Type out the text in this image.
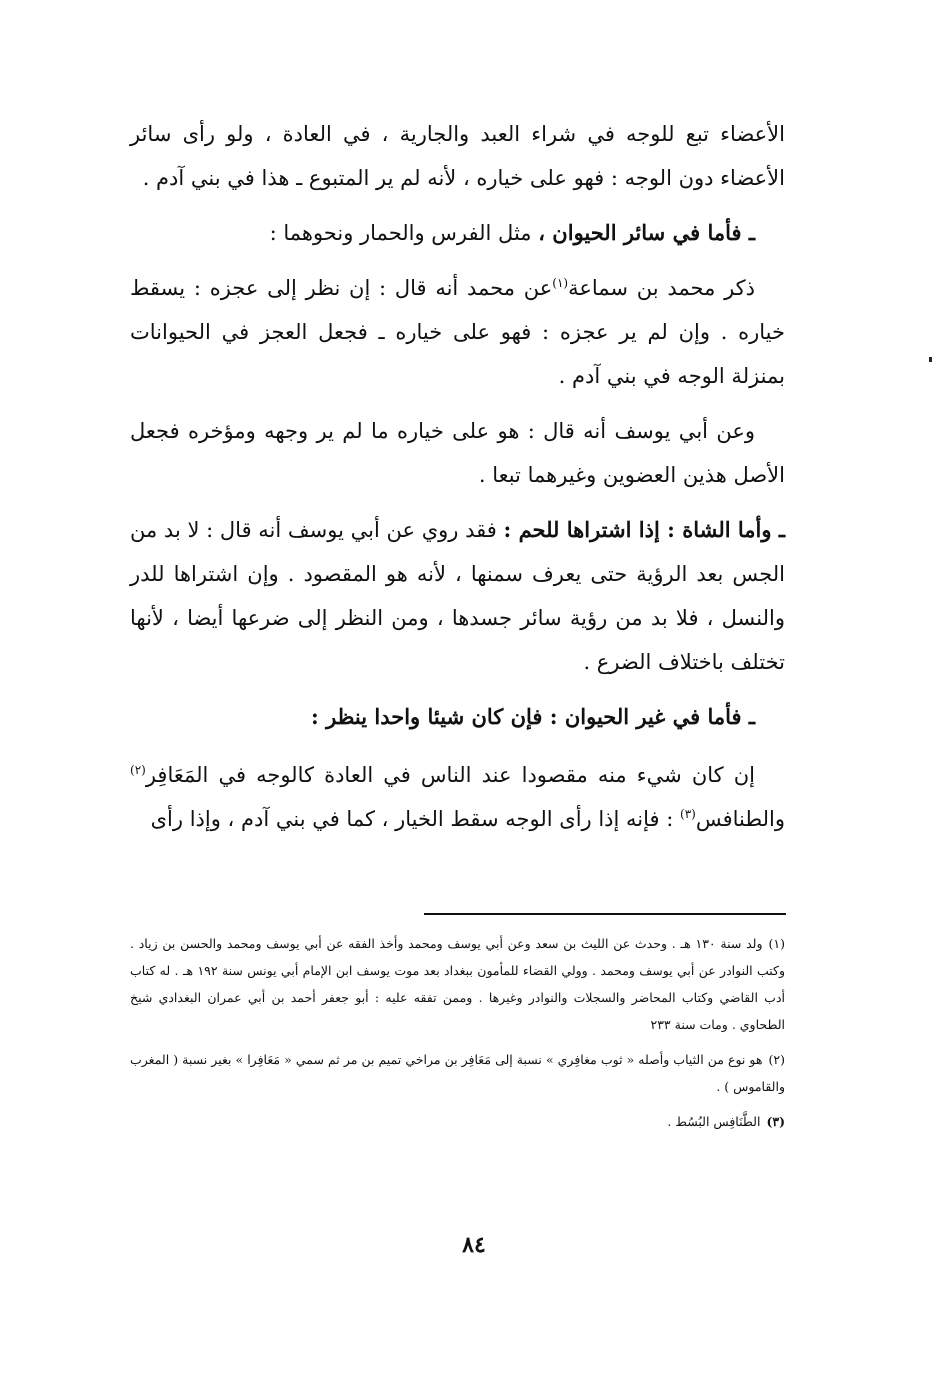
الأعضاء تبع للوجه في شراء العبد والجارية ، في العادة ، ولو رأى سائر الأعضاء دون الوجه : فهو على خياره ، لأنه لم ير المتبوع ـ هذا في بني آدم .

ـ فأما في سائر الحيوان ، مثل الفرس والحمار ونحوهما :

ذكر محمد بن سماعة$^{(١)}$عن محمد أنه قال : إن نظر إلى عجزه : يسقط خياره . وإن لم ير عجزه : فهو على خياره ـ فجعل العجز في الحيوانات بمنزلة الوجه في بني آدم .

وعن أبي يوسف أنه قال : هو على خياره ما لم ير وجهه ومؤخره فجعل الأصل هذين العضوين وغيرهما تبعا .

ـ وأما الشاة : إذا اشتراها للحم : فقد روي عن أبي يوسف أنه قال : لا بد من الجس بعد الرؤية حتى يعرف سمنها ، لأنه هو المقصود . وإن اشتراها للدر والنسل ، فلا بد من رؤية سائر جسدها ، ومن النظر إلى ضرعها أيضا ، لأنها تختلف باختلاف الضرع .

ـ فأما في غير الحيوان : فإن كان شيئا واحدا ينظر :

إن كان شيء منه مقصودا عند الناس في العادة كالوجه في المَعَافِر$^{(٢)}$ والطنافس$^{(٣)}$ : فإنه إذا رأى الوجه سقط الخيار ، كما في بني آدم ، وإذا رأى

(١)ولد سنة ١٣٠ هـ . وحدث عن الليث بن سعد وعن أبي يوسف ومحمد وأخذ الفقه عن أبي يوسف ومحمد والحسن بن زياد . وكتب النوادر عن أبي يوسف ومحمد . وولي القضاء للمأمون ببغداد بعد موت يوسف ابن الإمام أبي يونس سنة ١٩٢ هـ . له كتاب أدب القاضي وكتاب المحاضر والسجلات والنوادر وغيرها . وممن تفقه عليه : أبو جعفر أحمد بن أبي عمران البغدادي شيخ الطحاوي . ومات سنة ٢٣٣

(٢)هو نوع من الثياب وأصله « ثوب مغافِري » نسبة إلى مَعَافِر بن مراخي تميم بن مر ثم سمي « مَعَافِرا » بغير نسبة ( المغرب والقاموس ) .

(٣)الطَّنَافِس البُسُط .

٨٤
